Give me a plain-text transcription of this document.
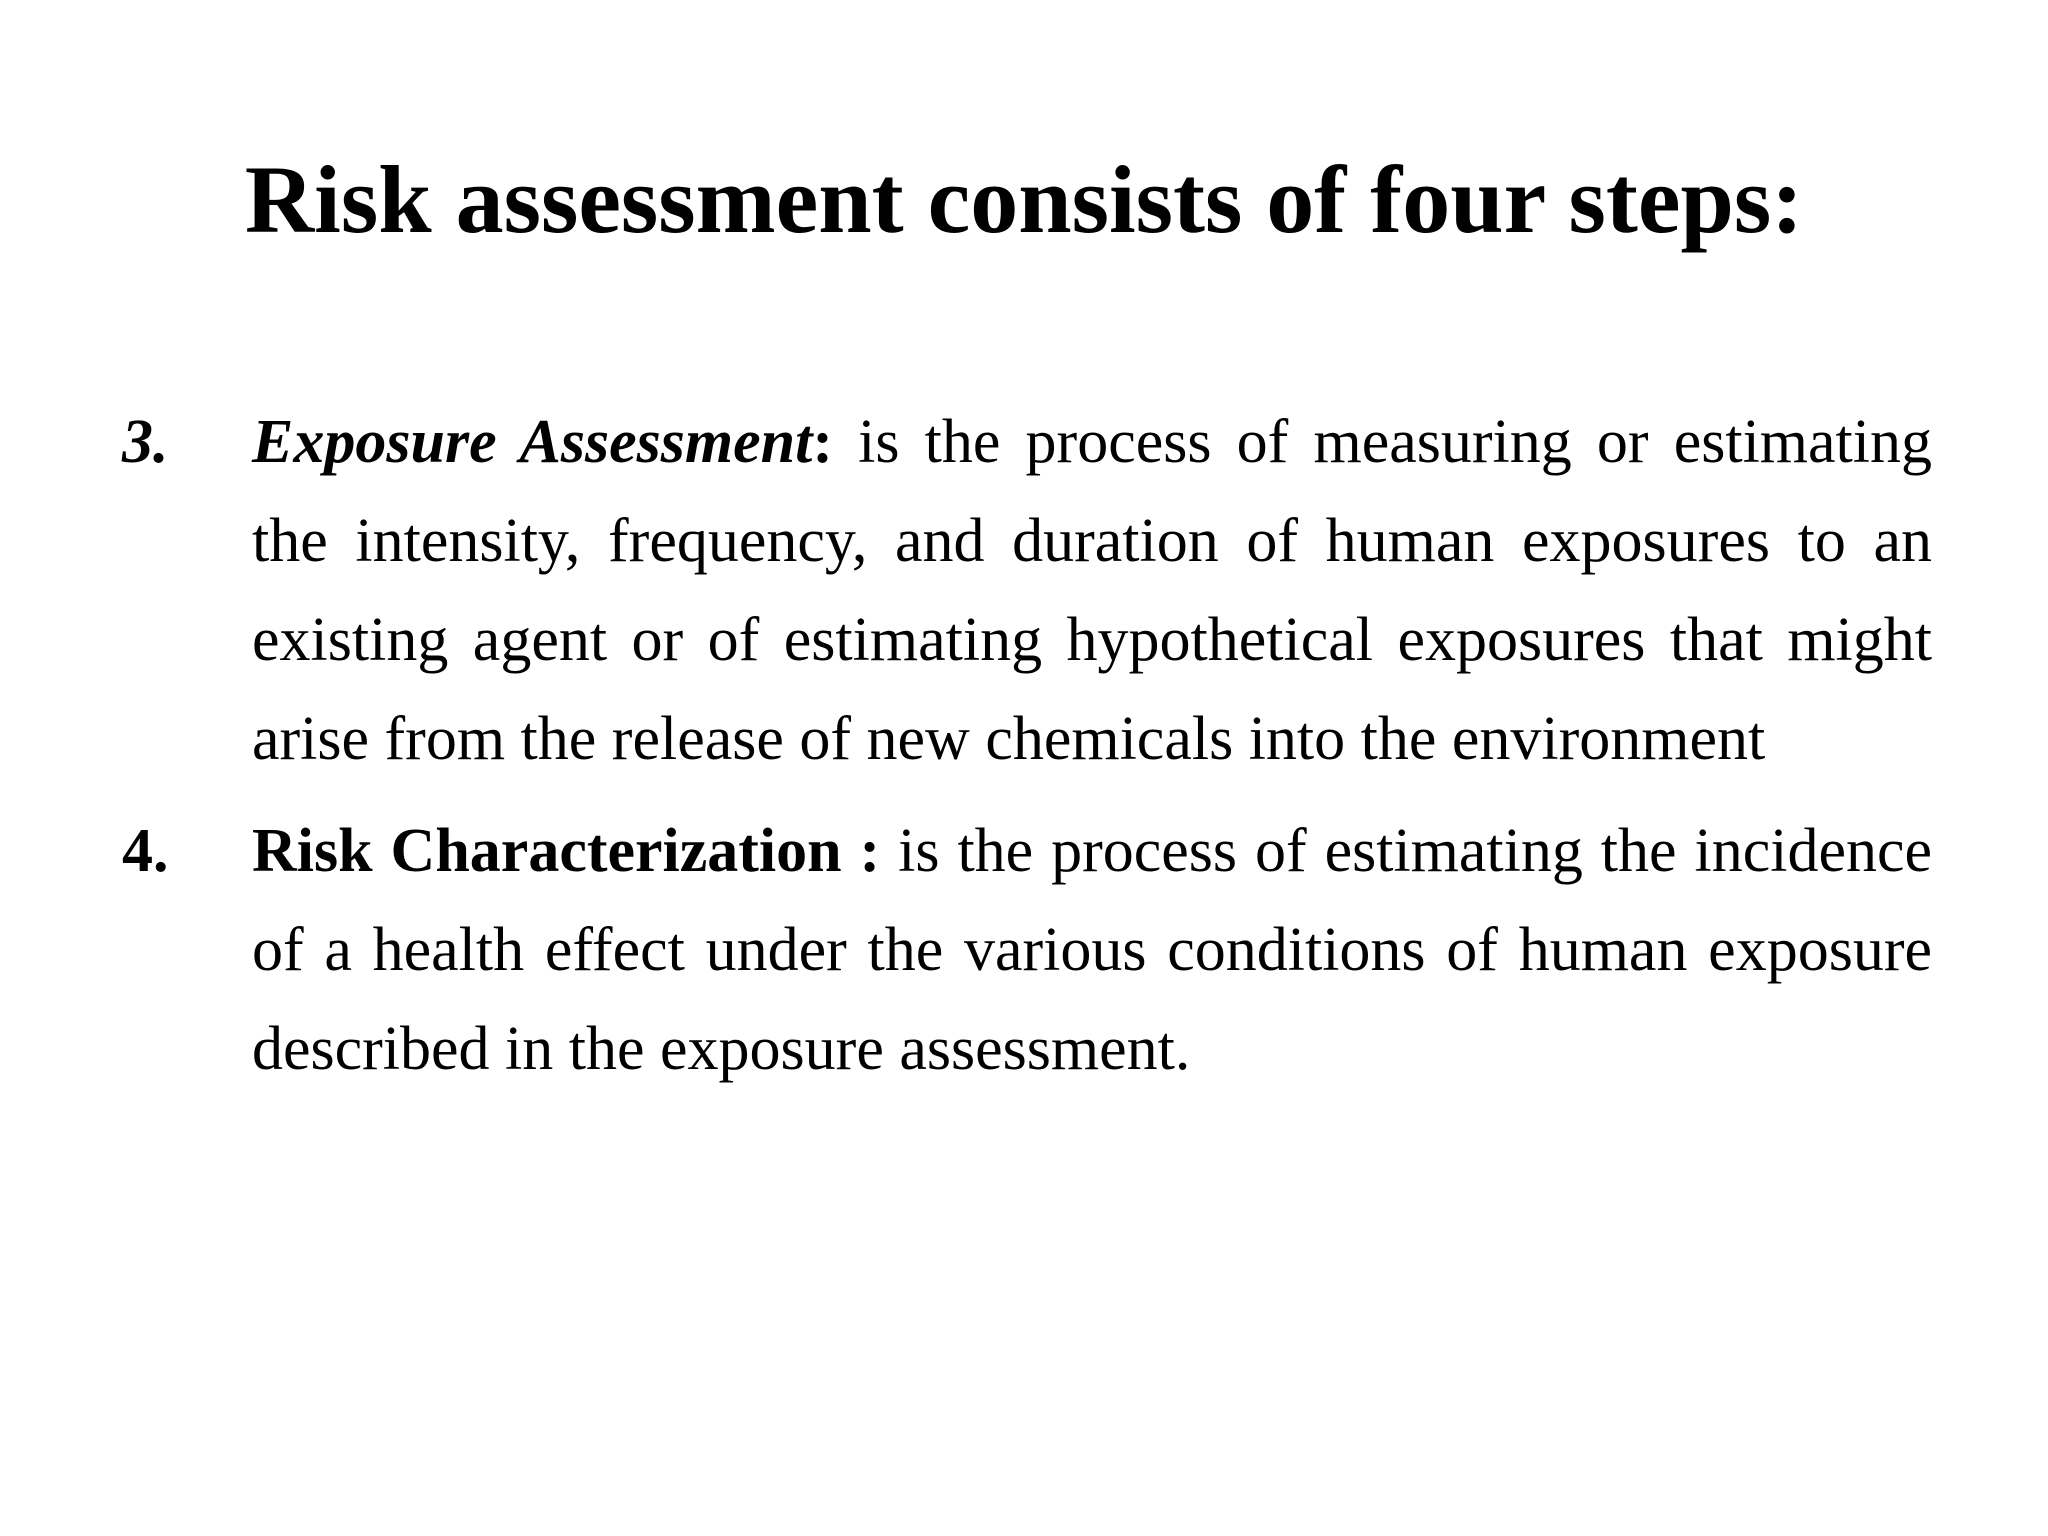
Risk assessment consists of four steps:
3. Exposure Assessment: is the process of measuring or estimating the intensity, frequency, and duration of human exposures to an existing agent or of estimating hypothetical exposures that might arise from the release of new chemicals into the environment
4. Risk Characterization : is the process of estimating the incidence of a health effect under the various conditions of human exposure described in the exposure assessment.
